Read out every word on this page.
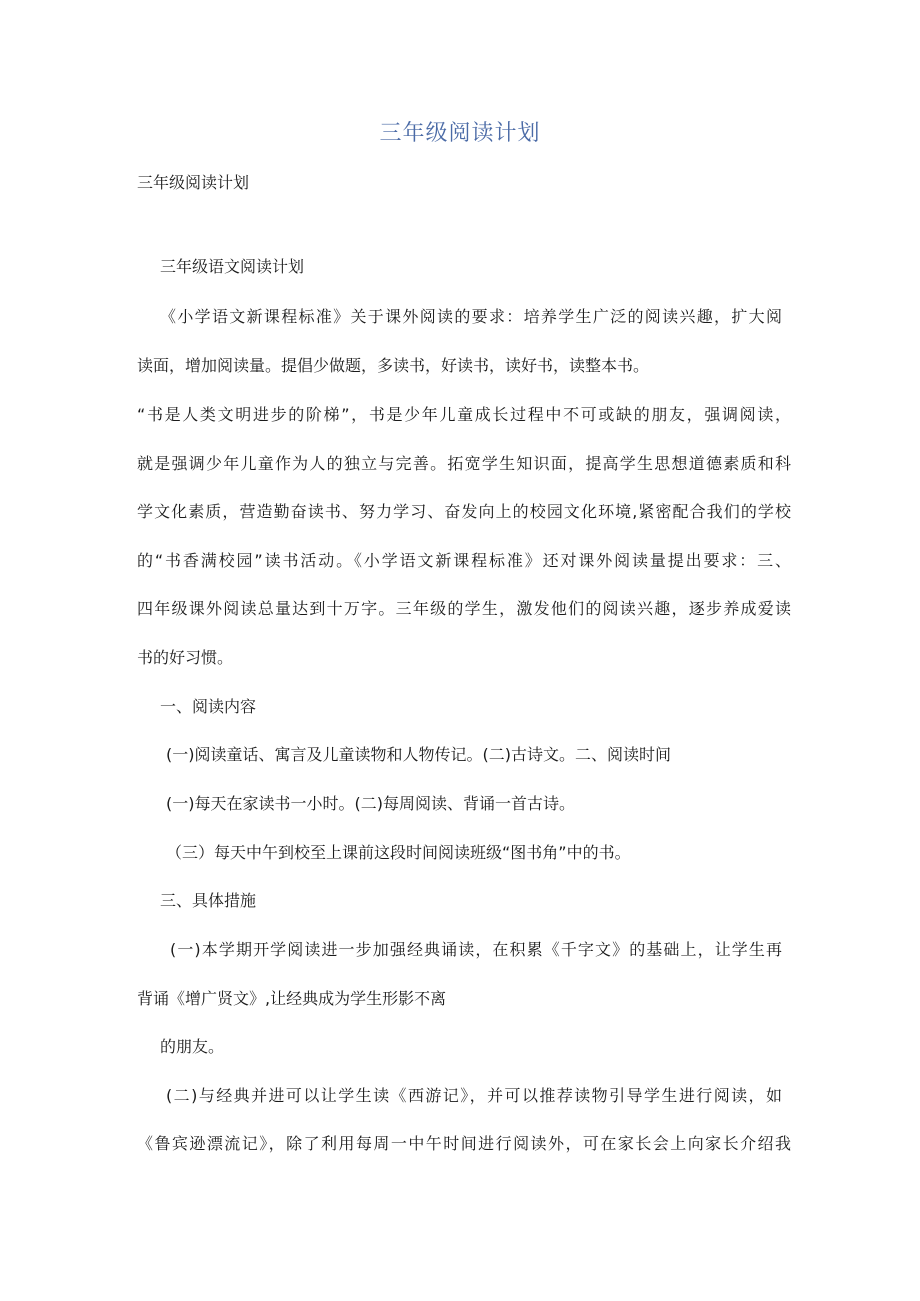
三年级阅读计划

三年级阅读计划

三年级语文阅读计划

《小学语文新课程标准》关于课外阅读的要求：培养学生广泛的阅读兴趣，扩大阅

读面，增加阅读量。提倡少做题，多读书，好读书，读好书，读整本书。

“书是人类文明进步的阶梯”，书是少年儿童成长过程中不可或缺的朋友，强调阅读，

就是强调少年儿童作为人的独立与完善。拓宽学生知识面，提高学生思想道德素质和科

学文化素质，营造勤奋读书、努力学习、奋发向上的校园文化环境,紧密配合我们的学校

的“书香满校园”读书活动。《小学语文新课程标准》还对课外阅读量提出要求：三、

四年级课外阅读总量达到十万字。三年级的学生，激发他们的阅读兴趣，逐步养成爱读

书的好习惯。

一、阅读内容

(一)阅读童话、寓言及儿童读物和人物传记。(二)古诗文。二、阅读时间

(一)每天在家读书一小时。(二)每周阅读、背诵一首古诗。

（三）每天中午到校至上课前这段时间阅读班级“图书角”中的书。

三、具体措施

(一)本学期开学阅读进一步加强经典诵读，在积累《千字文》的基础上，让学生再

背诵《增广贤文》,让经典成为学生形影不离

的朋友。

(二)与经典并进可以让学生读《西游记》，并可以推荐读物引导学生进行阅读，如

《鲁宾逊漂流记》，除了利用每周一中午时间进行阅读外，可在家长会上向家长介绍我
